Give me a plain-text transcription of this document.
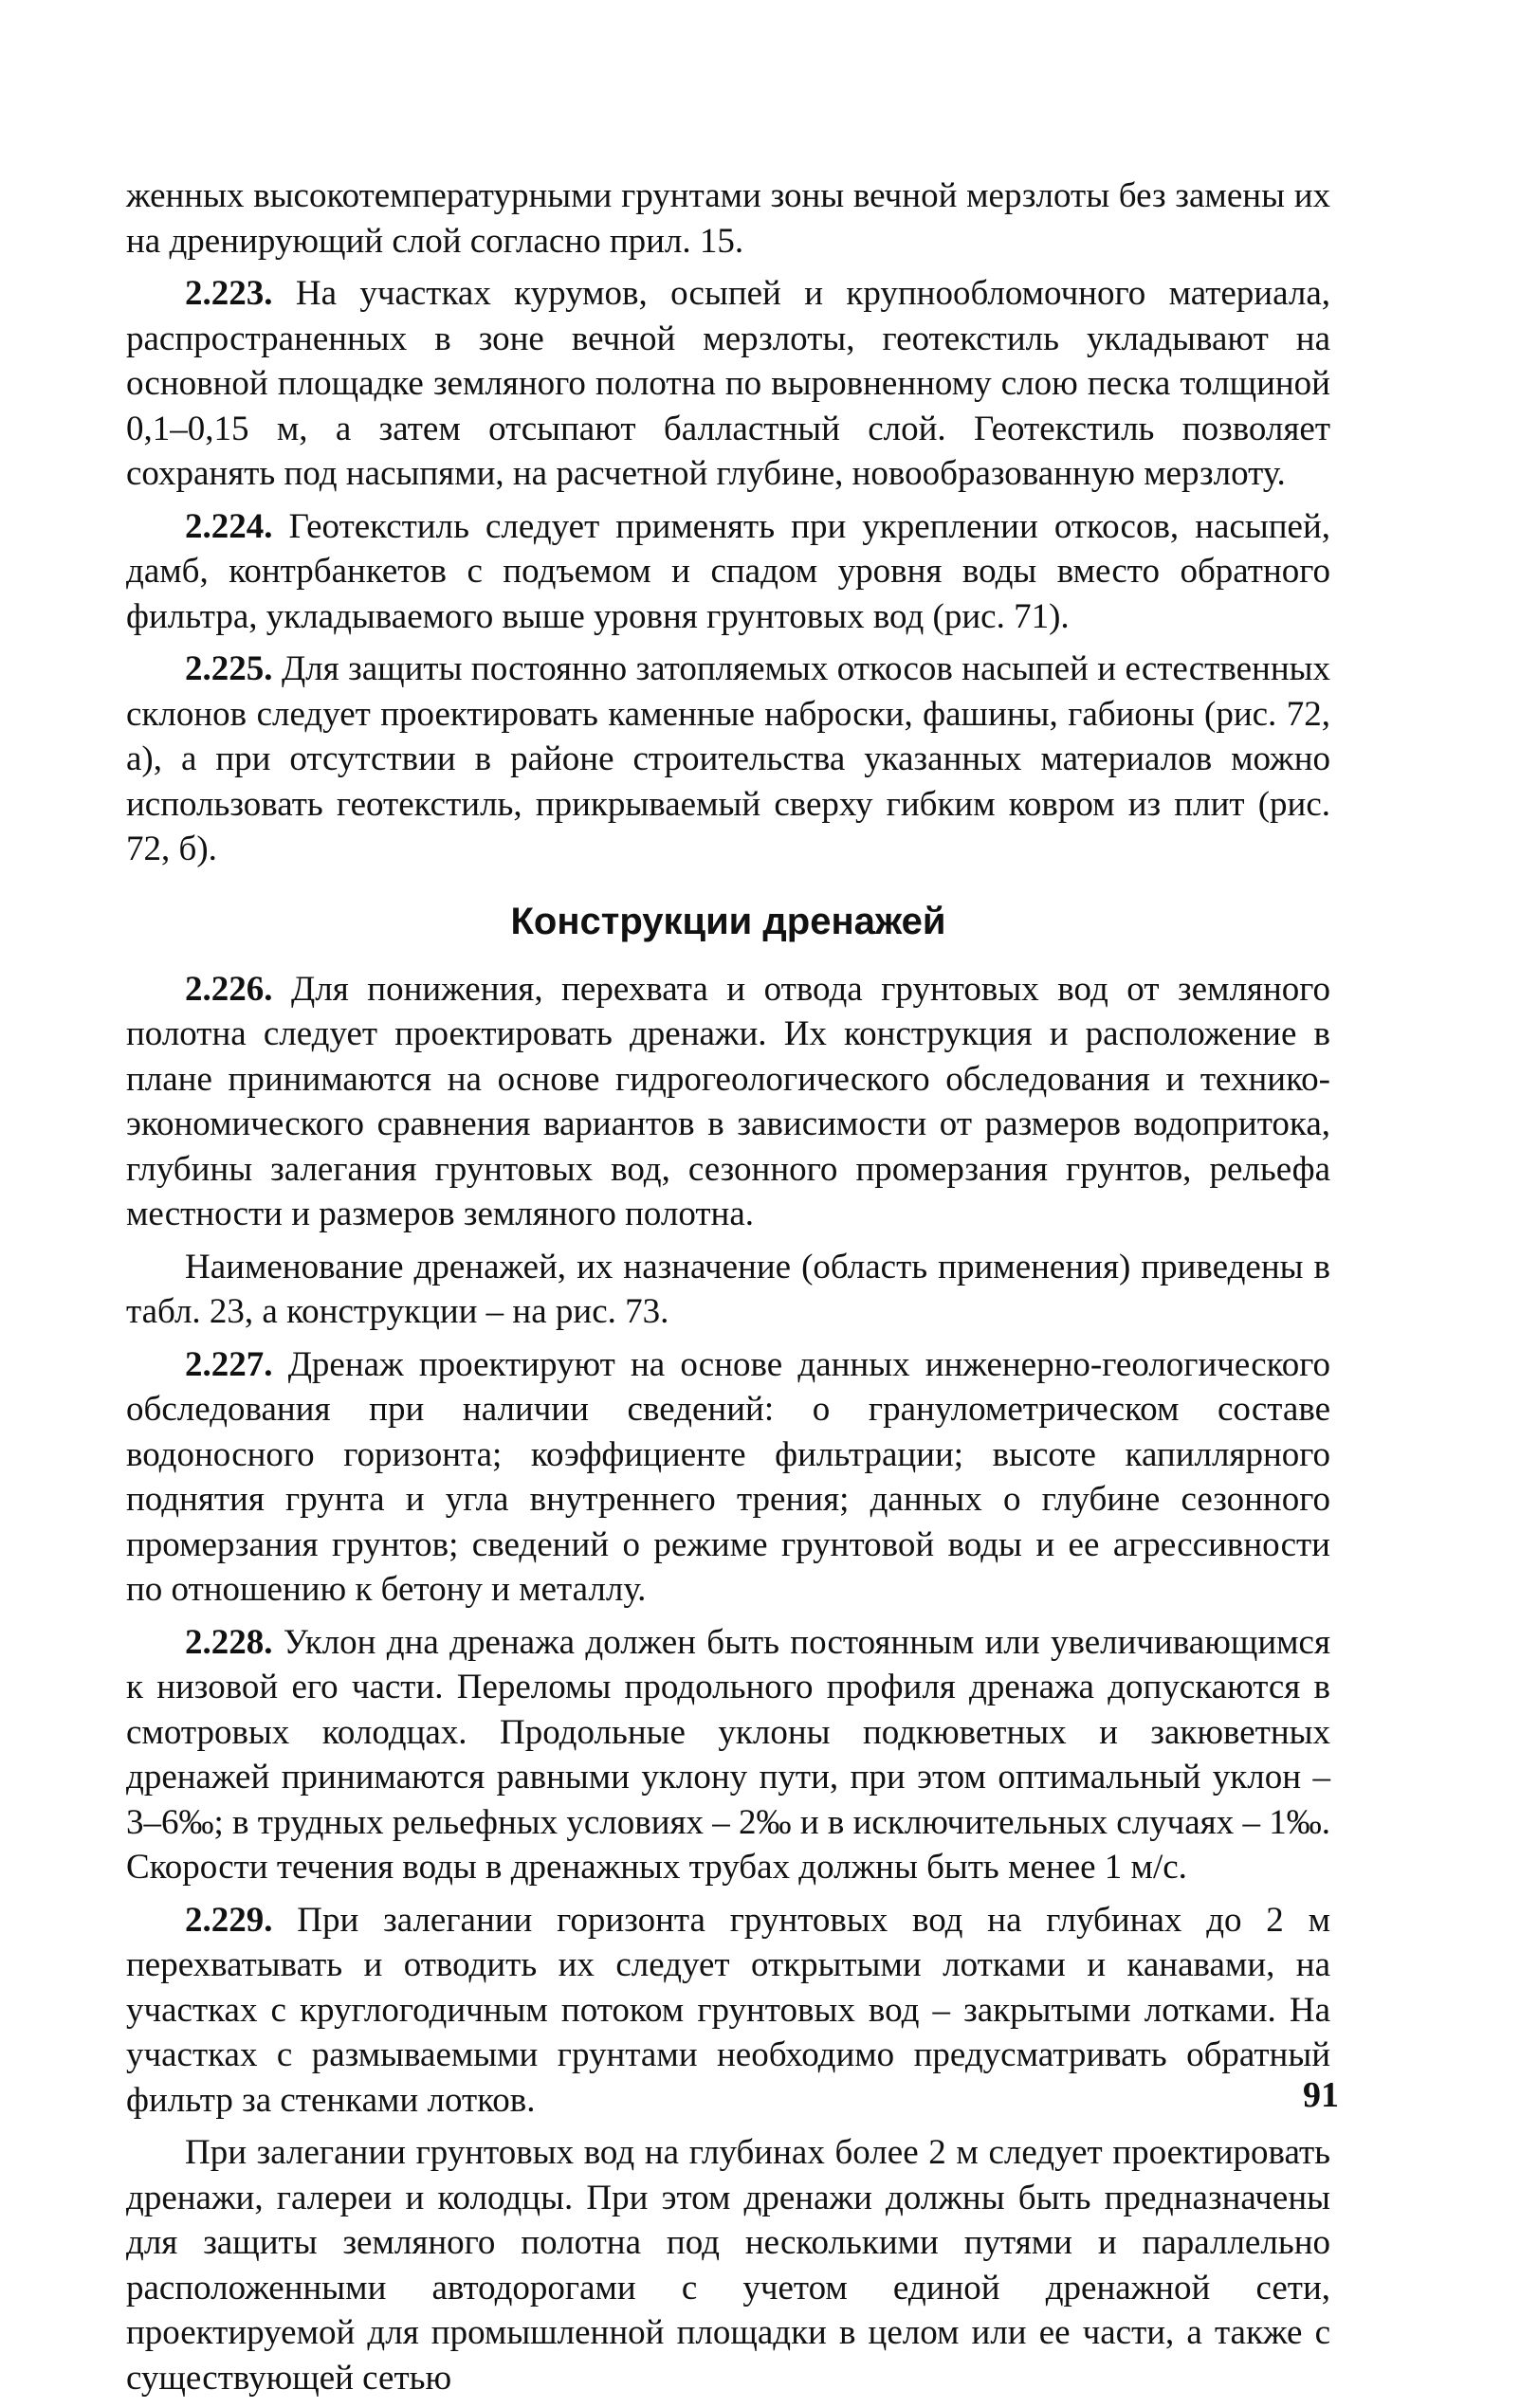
женных высокотемпературными грунтами зоны вечной мерзлоты без замены их на дренирующий слой согласно прил. 15.

2.223. На участках курумов, осыпей и крупнообломочного материала, распространенных в зоне вечной мерзлоты, геотекстиль укладывают на основной площадке земляного полотна по выровненному слою песка толщиной 0,1–0,15 м, а затем отсыпают балластный слой. Геотекстиль позволяет сохранять под насыпями, на расчетной глубине, новообразованную мерзлоту.

2.224. Геотекстиль следует применять при укреплении откосов, насыпей, дамб, контрбанкетов с подъемом и спадом уровня воды вместо обратного фильтра, укладываемого выше уровня грунтовых вод (рис. 71).

2.225. Для защиты постоянно затопляемых откосов насыпей и естественных склонов следует проектировать каменные наброски, фашины, габионы (рис. 72, а), а при отсутствии в районе строительства указанных материалов можно использовать геотекстиль, прикрываемый сверху гибким ковром из плит (рис. 72, б).

Конструкции дренажей

2.226. Для понижения, перехвата и отвода грунтовых вод от земляного полотна следует проектировать дренажи. Их конструкция и расположение в плане принимаются на основе гидрогеологического обследования и технико-экономического сравнения вариантов в зависимости от размеров водопритока, глубины залегания грунтовых вод, сезонного промерзания грунтов, рельефа местности и размеров земляного полотна.

Наименование дренажей, их назначение (область применения) приведены в табл. 23, а конструкции – на рис. 73.

2.227. Дренаж проектируют на основе данных инженерно-геологического обследования при наличии сведений: о гранулометрическом составе водоносного горизонта; коэффициенте фильтрации; высоте капиллярного поднятия грунта и угла внутреннего трения; данных о глубине сезонного промерзания грунтов; сведений о режиме грунтовой воды и ее агрессивности по отношению к бетону и металлу.

2.228. Уклон дна дренажа должен быть постоянным или увеличивающимся к низовой его части. Переломы продольного профиля дренажа допускаются в смотровых колодцах. Продольные уклоны подкюветных и закюветных дренажей принимаются равными уклону пути, при этом оптимальный уклон – 3–6‰; в трудных рельефных условиях – 2‰ и в исключительных случаях – 1‰. Скорости течения воды в дренажных трубах должны быть менее 1 м/с.

2.229. При залегании горизонта грунтовых вод на глубинах до 2 м перехватывать и отводить их следует открытыми лотками и канавами, на участках с круглогодичным потоком грунтовых вод – закрытыми лотками. На участках с размываемыми грунтами необходимо предусматривать обратный фильтр за стенками лотков.

При залегании грунтовых вод на глубинах более 2 м следует проектировать дренажи, галереи и колодцы. При этом дренажи должны быть предназначены для защиты земляного полотна под несколькими путями и параллельно расположенными автодорогами с учетом единой дренажной сети, проектируемой для промышленной площадки в целом или ее части, а также с существующей сетью

91
